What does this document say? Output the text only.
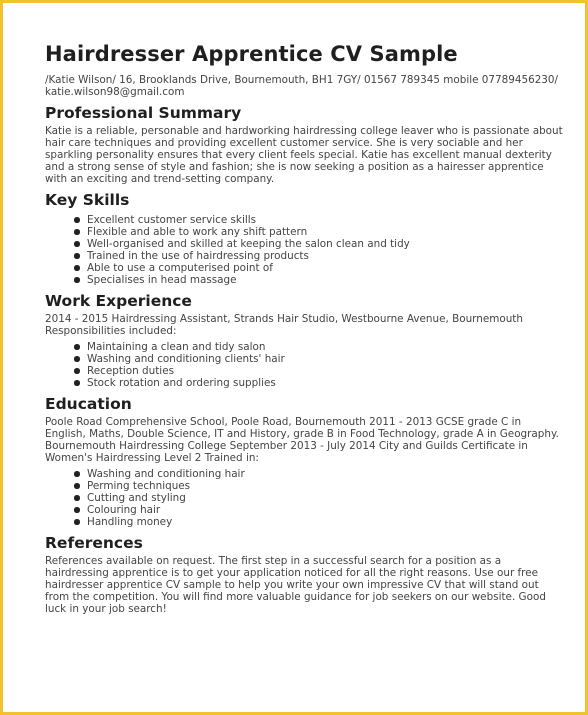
Hairdresser Apprentice CV Sample
/Katie Wilson/ 16, Brooklands Drive, Bournemouth, BH1 7GY/ 01567 789345 mobile 07789456230/ katie.wilson98@gmail.com
Professional Summary
Katie is a reliable, personable and hardworking hairdressing college leaver who is passionate about hair care techniques and providing excellent customer service. She is very sociable and her sparkling personality ensures that every client feels special. Katie has excellent manual dexterity and a strong sense of style and fashion; she is now seeking a position as a hairesser apprentice with an exciting and trend-setting company.
Key Skills
Excellent customer service skills
Flexible and able to work any shift pattern
Well-organised and skilled at keeping the salon clean and tidy
Trained in the use of hairdressing products
Able to use a computerised point of
Specialises in head massage
Work Experience
2014 - 2015 Hairdressing Assistant, Strands Hair Studio, Westbourne Avenue, Bournemouth Responsibilities included:
Maintaining a clean and tidy salon
Washing and conditioning clients' hair
Reception duties
Stock rotation and ordering supplies
Education
Poole Road Comprehensive School, Poole Road, Bournemouth 2011 - 2013 GCSE grade C in English, Maths, Double Science, IT and History, grade B in Food Technology, grade A in Geography. Bournemouth Hairdressing College September 2013 - July 2014 City and Guilds Certificate in Women's Hairdressing Level 2 Trained in:
Washing and conditioning hair
Perming techniques
Cutting and styling
Colouring hair
Handling money
References
References available on request. The first step in a successful search for a position as a hairdressing apprentice is to get your application noticed for all the right reasons. Use our free hairdresser apprentice CV sample to help you write your own impressive CV that will stand out from the competition. You will find more valuable guidance for job seekers on our website. Good luck in your job search!
